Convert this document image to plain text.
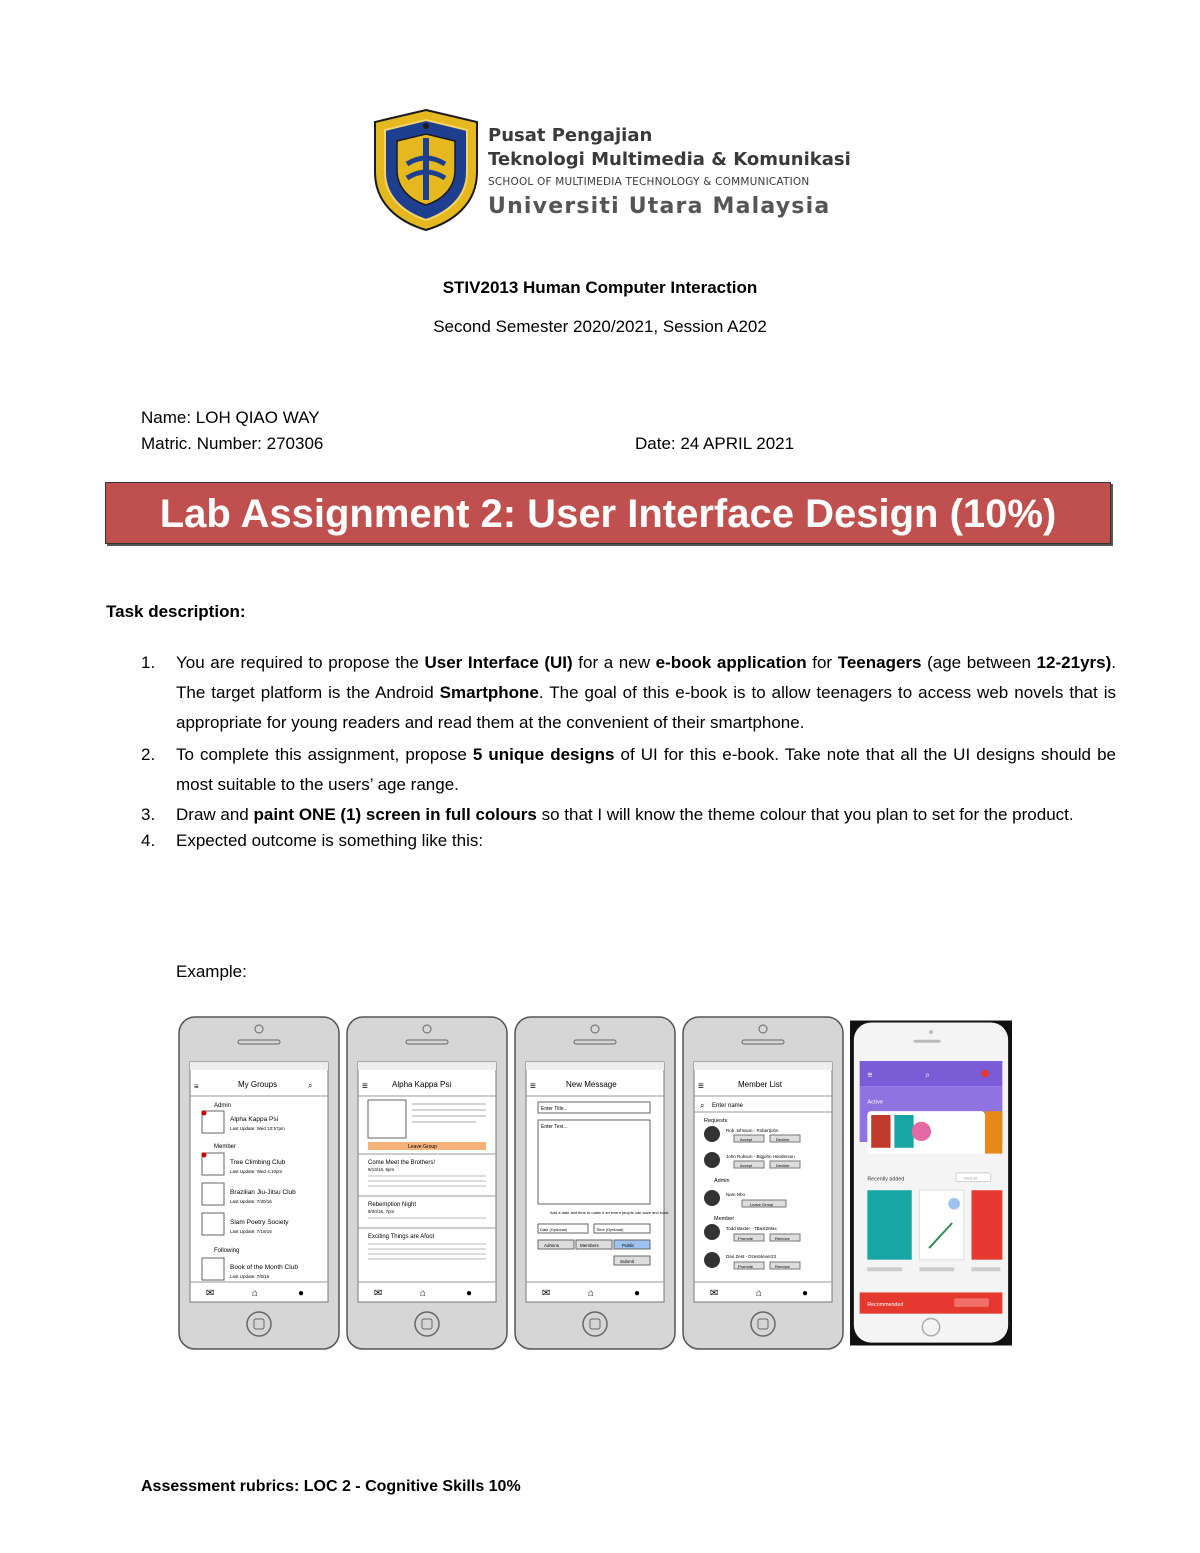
Pusat Pengajian
Teknologi Multimedia & Komunikasi
SCHOOL OF MULTIMEDIA TECHNOLOGY & COMMUNICATION
Universiti Utara Malaysia
STIV2013 Human Computer Interaction
Second Semester 2020/2021, Session A202
Name: LOH QIAO WAY
Matric. Number: 270306	Date: 24 APRIL 2021
Lab Assignment 2: User Interface Design (10%)
Task description:
1. You are required to propose the User Interface (UI) for a new e-book application for Teenagers (age between 12-21yrs). The target platform is the Android Smartphone. The goal of this e-book is to allow teenagers to access web novels that is appropriate for young readers and read them at the convenient of their smartphone.
2. To complete this assignment, propose 5 unique designs of UI for this e-book. Take note that all the UI designs should be most suitable to the users’ age range.
3. Draw and paint ONE (1) screen in full colours so that I will know the theme colour that you plan to set for the product.
4. Expected outcome is something like this:
Example:
≡	My Groups	⌕
Admin
Alpha Kappa Psi
Last Update: Wed 10:57pm
Member
Tree Climbing Club
Last Update: Wed 4:10pm
Brazilian Jiu-Jitsu Club
Last Update: 7/30/16
Slam Poetry Society
Last Update: 7/19/16
Following
Book of the Month Club
Last Update: 7/5/16
✉	⌂	●
≡	Alpha Kappa Psi
Leave Group
Come Meet the Brothers!
9/13/16, 6pm
Rebemption Night
9/20/16, 7pm
Exciting Things are Afoot
✉	⌂	●
≡	New Message
Enter Title...
Enter Text...
Add a date and time to make it an event people can save and book
Date (Optional)	Time (Optional)
Admins	Members	Public
Submit
✉	⌂	●
≡	Member List
⌕ Enter name
Requests
Rob Johnson - Robertjohn
Accept	Decline
John Robson - Bigjohn Henderson
Accept	Decline
Admin
Nam Nho
Leave Group
Member
Todd Baxter - TBaxt2Max
Promote	Remove
Dan Zest - Dzest4ever23
Promote	Remove
✉	⌂	●
≡	⌕
Active
Recently added	View all
Recommended
Assessment rubrics: LOC 2 - Cognitive Skills 10%
